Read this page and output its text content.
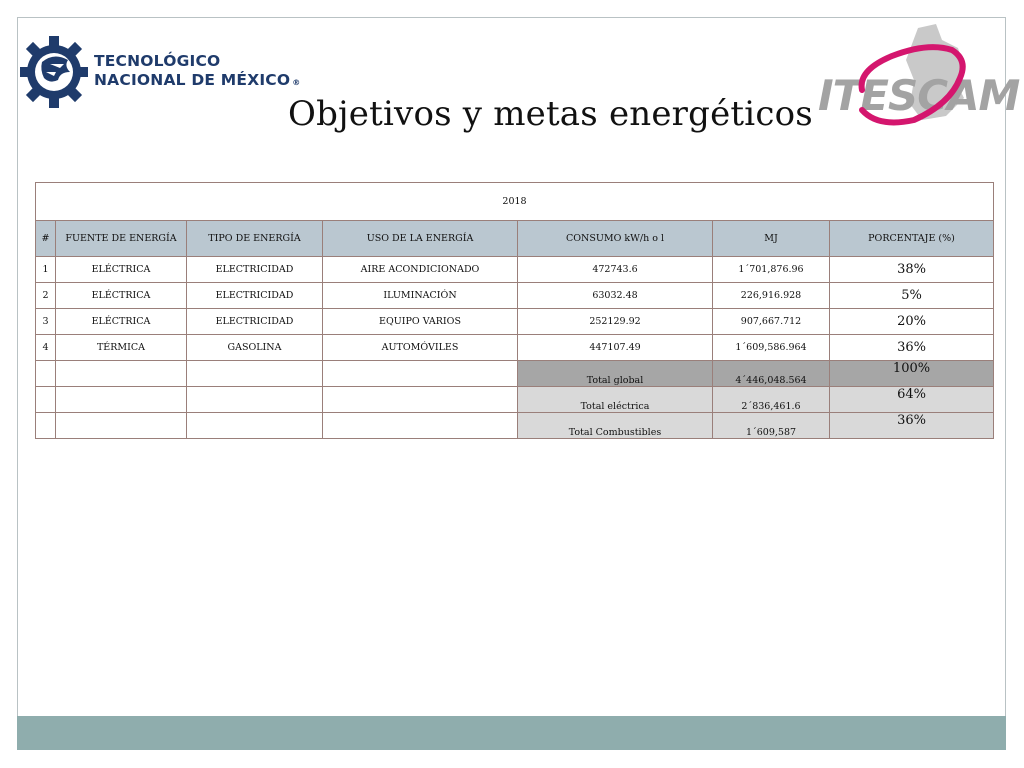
TECNOLÓGICO
NACIONAL DE MÉXICO ®	ITESCAM
Objetivos y metas energéticos
2018						
#	FUENTE DE ENERGÍA	TIPO DE ENERGÍA	USO DE LA ENERGÍA	CONSUMO kW/h o l	MJ	PORCENTAJE (%)
1	ELÉCTRICA	ELECTRICIDAD	AIRE ACONDICIONADO	472743.6	1´701,876.96	38%
2	ELÉCTRICA	ELECTRICIDAD	ILUMINACIÓN	63032.48	226,916.928	5%
3	ELÉCTRICA	ELECTRICIDAD	EQUIPO VARIOS	252129.92	907,667.712	20%
4	TÉRMICA	GASOLINA	AUTOMÓVILES	447107.49	1´609,586.964	36%
				Total global	4´446,048.564	100%
				Total eléctrica	2´836,461.6	64%
				Total Combustibles	1´609,587	36%
